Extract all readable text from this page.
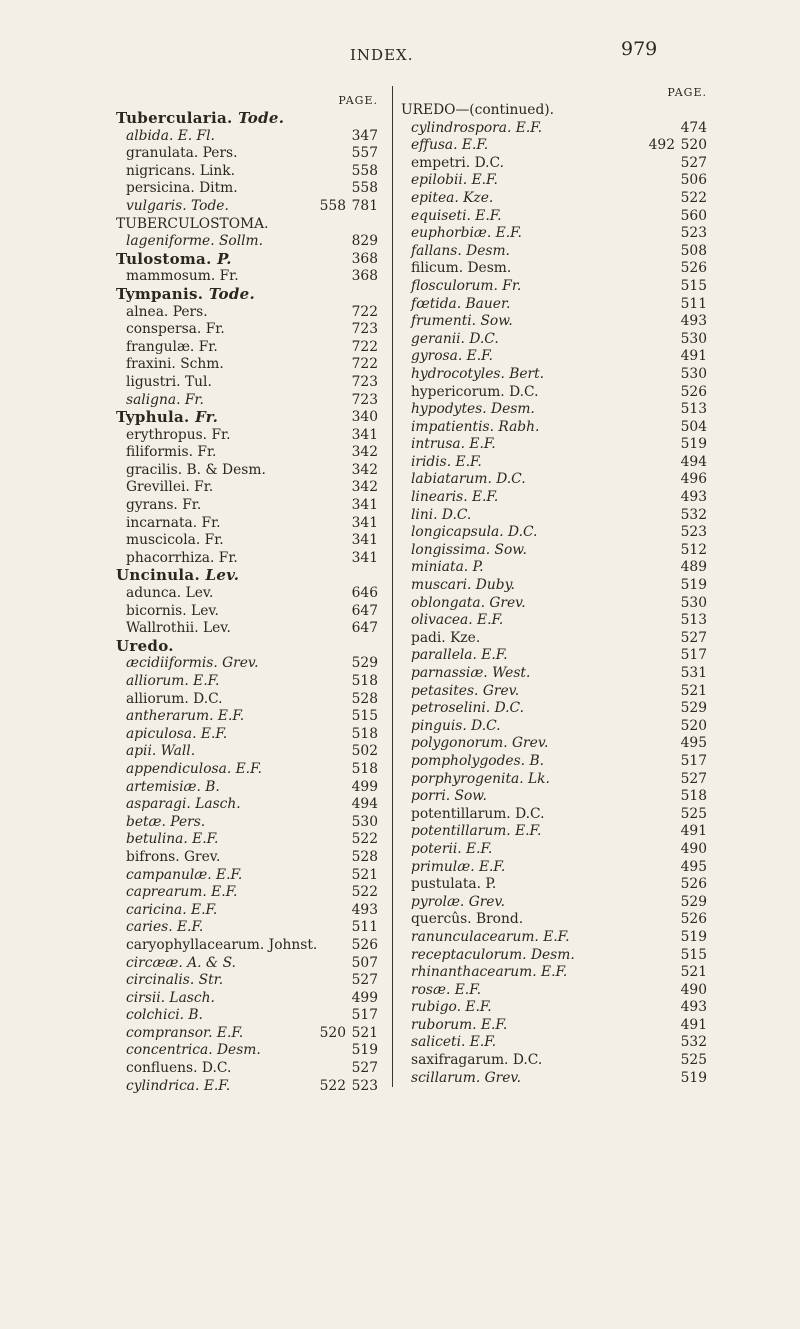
INDEX.	979
PAGE.
Tubercularia. Tode.
albida. E. Fl.	347
granulata. Pers.	557
nigricans. Link.	558
persicina. Ditm.	558
vulgaris. Tode.	558 781
TUBERCULOSTOMA.
lageniforme. Sollm.	829
Tulostoma. P.	368
mammosum. Fr.	368
Tympanis. Tode.
alnea. Pers.	722
conspersa. Fr.	723
frangulæ. Fr.	722
fraxini. Schm.	722
ligustri. Tul.	723
saligna. Fr.	723
Typhula. Fr.	340
erythropus. Fr.	341
filiformis. Fr.	342
gracilis. B. & Desm.	342
Grevillei. Fr.	342
gyrans. Fr.	341
incarnata. Fr.	341
muscicola. Fr.	341
phacorrhiza. Fr.	341
Uncinula. Lev.
adunca. Lev.	646
bicornis. Lev.	647
Wallrothii. Lev.	647
Uredo.
æcidiiformis. Grev.	529
alliorum. E.F.	518
alliorum. D.C.	528
antherarum. E.F.	515
apiculosa. E.F.	518
apii. Wall.	502
appendiculosa. E.F.	518
artemisiæ. B.	499
asparagi. Lasch.	494
betæ. Pers.	530
betulina. E.F.	522
bifrons. Grev.	528
campanulæ. E.F.	521
caprearum. E.F.	522
caricina. E.F.	493
caries. E.F.	511
caryophyllacearum. Johnst. 526
circææ. A. & S.	507
circinalis. Str.	527
cirsii. Lasch.	499
colchici. B.	517
compransor. E.F.	520 521
concentrica. Desm.	519
confluens. D.C.	527
cylindrica. E.F.	522 523
PAGE.
UREDO—(continued).
cylindrospora. E.F.	474
effusa. E.F.	492 520
empetri. D.C.	527
epilobii. E.F.	506
epitea. Kze.	522
equiseti. E.F.	560
euphorbiæ. E.F.	523
fallans. Desm.	508
filicum. Desm.	526
flosculorum. Fr.	515
fœtida. Bauer.	511
frumenti. Sow.	493
geranii. D.C.	530
gyrosa. E.F.	491
hydrocotyles. Bert.	530
hypericorum. D.C.	526
hypodytes. Desm.	513
impatientis. Rabh.	504
intrusa. E.F.	519
iridis. E.F.	494
labiatarum. D.C.	496
linearis. E.F.	493
lini. D.C.	532
longicapsula. D.C.	523
longissima. Sow.	512
miniata. P.	489
muscari. Duby.	519
oblongata. Grev.	530
olivacea. E.F.	513
padi. Kze.	527
parallela. E.F.	517
parnassiæ. West.	531
petasites. Grev.	521
petroselini. D.C.	529
pinguis. D.C.	520
polygonorum. Grev.	495
pompholygodes. B.	517
porphyrogenita. Lk.	527
porri. Sow.	518
potentillarum. D.C.	525
potentillarum. E.F.	491
poterii. E.F.	490
primulæ. E.F.	495
pustulata. P.	526
pyrolæ. Grev.	529
quercûs. Brond.	526
ranunculacearum. E.F.	519
receptaculorum. Desm.	515
rhinanthacearum. E.F.	521
rosæ. E.F.	490
rubigo. E.F.	493
ruborum. E.F.	491
saliceti. E.F.	532
saxifragarum. D.C.	525
scillarum. Grev.	519
